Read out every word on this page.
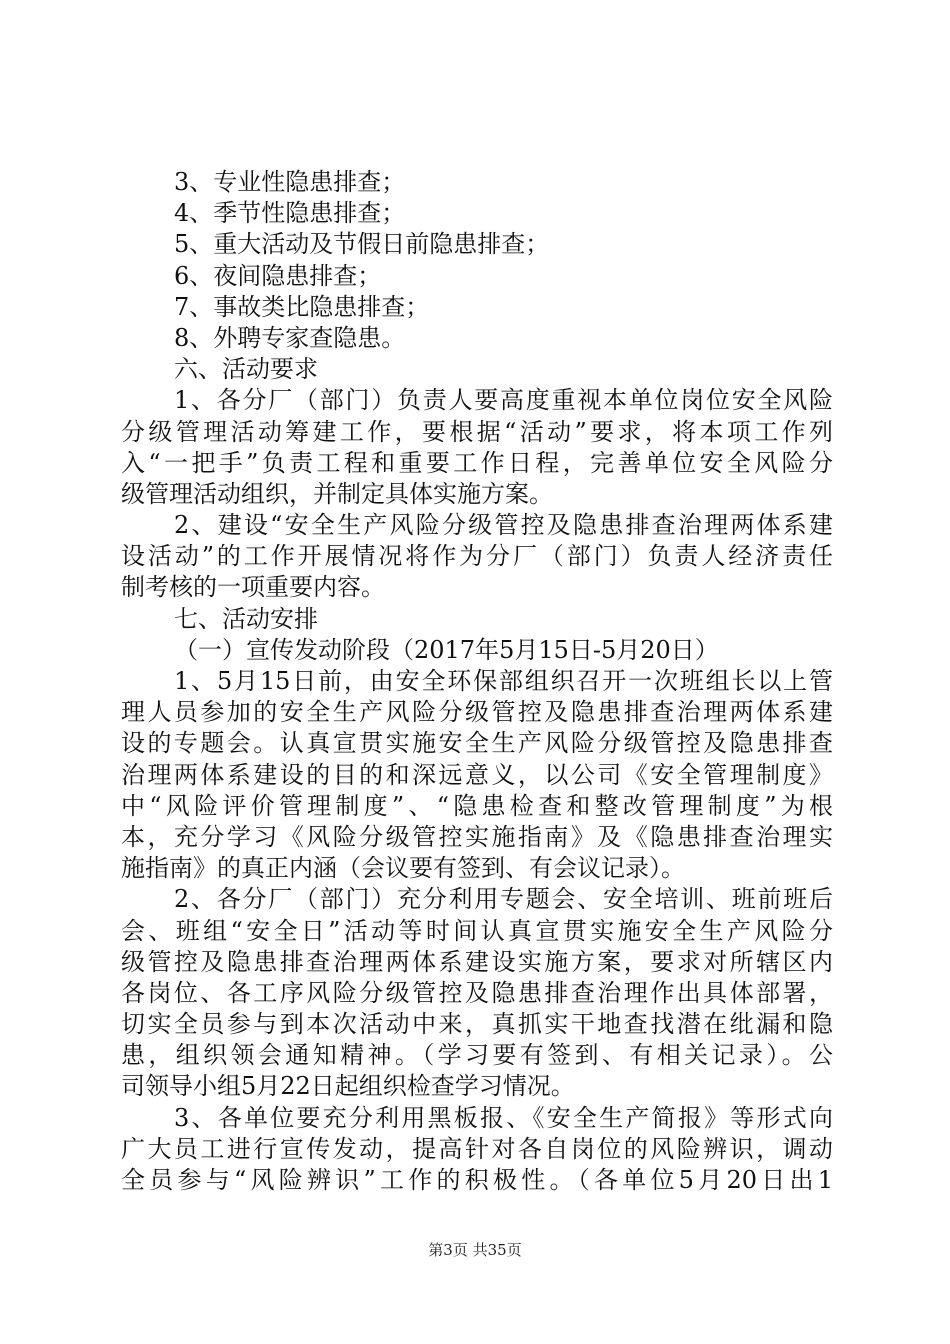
3、专业性隐患排查；
4、季节性隐患排查；
5、重大活动及节假日前隐患排查；
6、夜间隐患排查；
7、事故类比隐患排查；
8、外聘专家查隐患。
六、活动要求
1、各分厂（部门）负责人要高度重视本单位岗位安全风险
分级管理活动筹建工作，要根据“活动”要求，将本项工作列
入“一把手”负责工程和重要工作日程，完善单位安全风险分
级管理活动组织，并制定具体实施方案。
2、建设“安全生产风险分级管控及隐患排查治理两体系建
设活动”的工作开展情况将作为分厂（部门）负责人经济责任
制考核的一项重要内容。
七、活动安排
（一）宣传发动阶段（2017年5月15日-5月20日）
1、5月15日前，由安全环保部组织召开一次班组长以上管
理人员参加的安全生产风险分级管控及隐患排查治理两体系建
设的专题会。认真宣贯实施安全生产风险分级管控及隐患排查
治理两体系建设的目的和深远意义，以公司《安全管理制度》
中“风险评价管理制度”、“隐患检查和整改管理制度”为根
本，充分学习《风险分级管控实施指南》及《隐患排查治理实
施指南》的真正内涵（会议要有签到、有会议记录）。
2、各分厂（部门）充分利用专题会、安全培训、班前班后
会、班组“安全日”活动等时间认真宣贯实施安全生产风险分
级管控及隐患排查治理两体系建设实施方案，要求对所辖区内
各岗位、各工序风险分级管控及隐患排查治理作出具体部署，
切实全员参与到本次活动中来，真抓实干地查找潜在纰漏和隐
患，组织领会通知精神。（学习要有签到、有相关记录）。公
司领导小组5月22日起组织检查学习情况。
3、各单位要充分利用黑板报、《安全生产简报》等形式向
广大员工进行宣传发动，提高针对各自岗位的风险辨识，调动
全员参与“风险辨识”工作的积极性。（各单位5月20日出1
第3页 共35页
